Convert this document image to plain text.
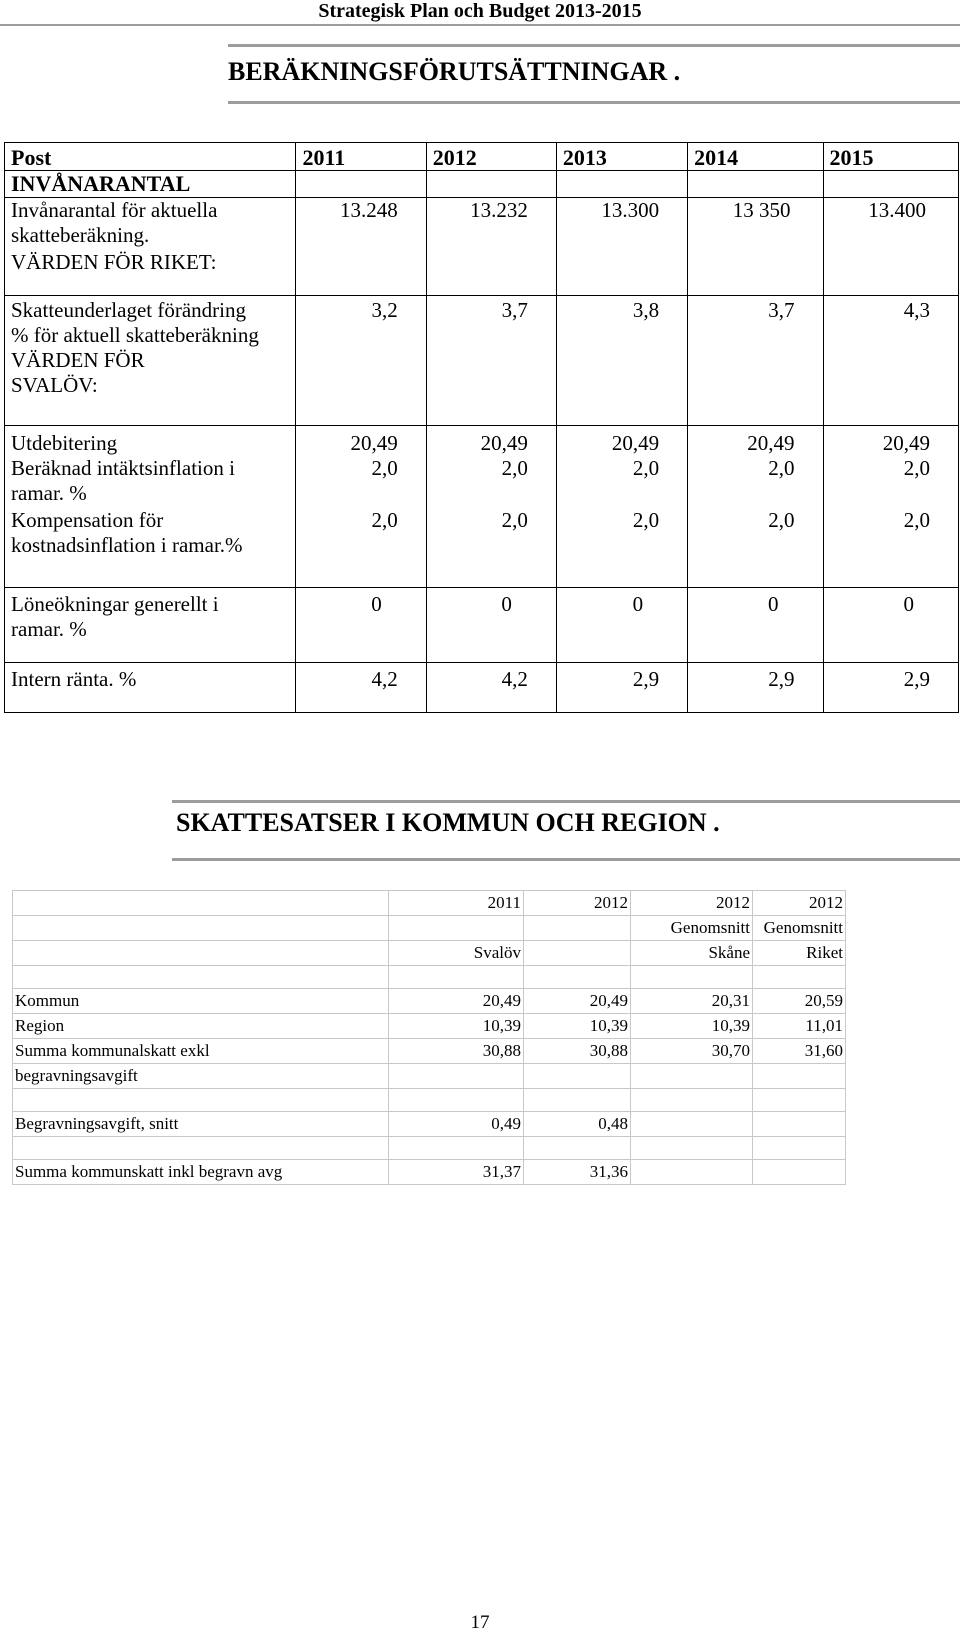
Strategisk Plan och Budget 2013-2015
BERÄKNINGSFÖRUTSÄTTNINGAR .
Post	2011	2012	2013	2014	2015
INVÅNARANTAL					
Invånarantal för aktuella
skatteberäkning.	13.248	13.232	13.300	13 350	13.400
VÄRDEN FÖR RIKET:					
Skatteunderlaget förändring
% för aktuell skatteberäkning	3,2	3,7	3,8	3,7	4,3
VÄRDEN FÖR
SVALÖV:					
Utdebitering	20,49	20,49	20,49	20,49	20,49
Beräknad intäktsinflation i
ramar. %	2,0	2,0	2,0	2,0	2,0
Kompensation för
kostnadsinflation i ramar.%	2,0	2,0	2,0	2,0	2,0
Löneökningar generellt i
ramar. %	0	0	0	0	0
Intern ränta. %	4,2	4,2	2,9	2,9	2,9
SKATTESATSER I KOMMUN OCH REGION .
	2011	2012	2012	2012
			Genomsnitt	Genomsnitt
	Svalöv		Skåne	Riket

Kommun	20,49	20,49	20,31	20,59
Region	10,39	10,39	10,39	11,01
Summa kommunalskatt exkl	30,88	30,88	30,70	31,60
begravningsavgift				

Begravningsavgift, snitt	0,49	0,48		

Summa kommunskatt inkl begravn avg	31,37	31,36		
17
